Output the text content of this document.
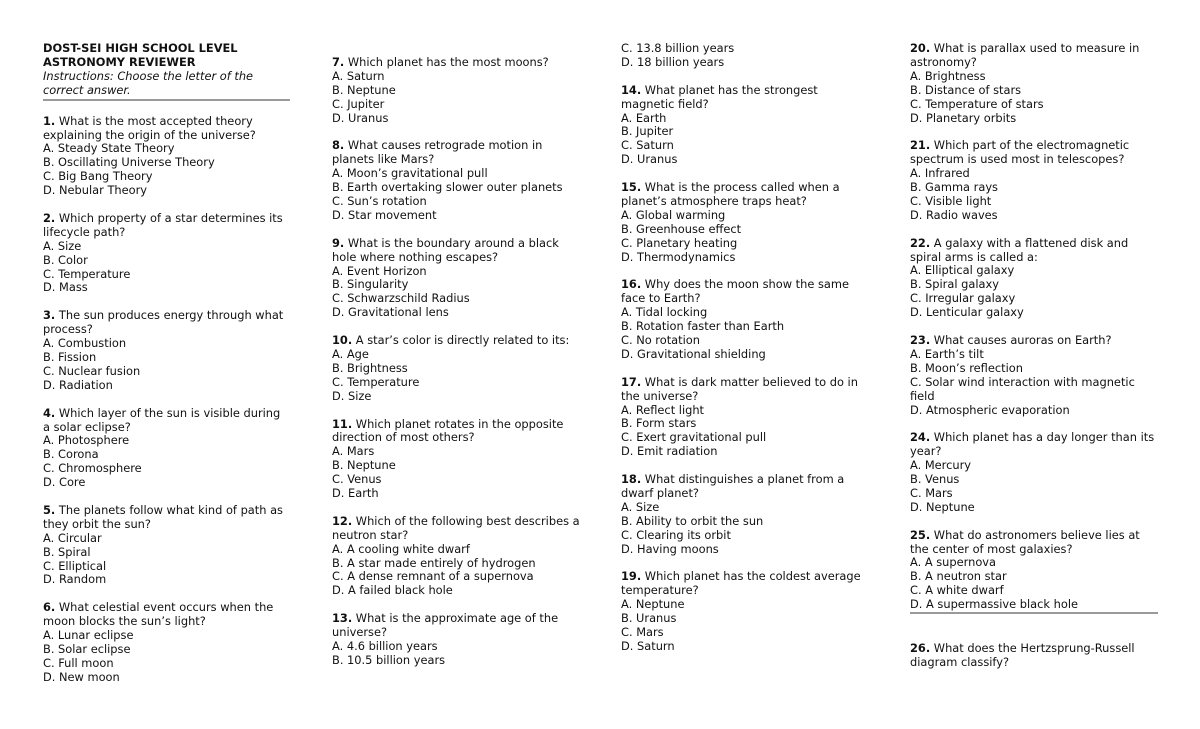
DOST-SEI HIGH SCHOOL LEVEL
ASTRONOMY REVIEWER
Instructions: Choose the letter of the correct answer.
1. What is the most accepted theory explaining the origin of the universe?
A. Steady State Theory
B. Oscillating Universe Theory
C. Big Bang Theory
D. Nebular Theory
2. Which property of a star determines its lifecycle path?
A. Size
B. Color
C. Temperature
D. Mass
3. The sun produces energy through what process?
A. Combustion
B. Fission
C. Nuclear fusion
D. Radiation
4. Which layer of the sun is visible during a solar eclipse?
A. Photosphere
B. Corona
C. Chromosphere
D. Core
5. The planets follow what kind of path as they orbit the sun?
A. Circular
B. Spiral
C. Elliptical
D. Random
6. What celestial event occurs when the moon blocks the sun’s light?
A. Lunar eclipse
B. Solar eclipse
C. Full moon
D. New moon
7. Which planet has the most moons?
A. Saturn
B. Neptune
C. Jupiter
D. Uranus
8. What causes retrograde motion in planets like Mars?
A. Moon’s gravitational pull
B. Earth overtaking slower outer planets
C. Sun’s rotation
D. Star movement
9. What is the boundary around a black hole where nothing escapes?
A. Event Horizon
B. Singularity
C. Schwarzschild Radius
D. Gravitational lens
10. A star’s color is directly related to its:
A. Age
B. Brightness
C. Temperature
D. Size
11. Which planet rotates in the opposite direction of most others?
A. Mars
B. Neptune
C. Venus
D. Earth
12. Which of the following best describes a neutron star?
A. A cooling white dwarf
B. A star made entirely of hydrogen
C. A dense remnant of a supernova
D. A failed black hole
13. What is the approximate age of the universe?
A. 4.6 billion years
B. 10.5 billion years
C. 13.8 billion years
D. 18 billion years
14. What planet has the strongest magnetic field?
A. Earth
B. Jupiter
C. Saturn
D. Uranus
15. What is the process called when a planet’s atmosphere traps heat?
A. Global warming
B. Greenhouse effect
C. Planetary heating
D. Thermodynamics
16. Why does the moon show the same face to Earth?
A. Tidal locking
B. Rotation faster than Earth
C. No rotation
D. Gravitational shielding
17. What is dark matter believed to do in the universe?
A. Reflect light
B. Form stars
C. Exert gravitational pull
D. Emit radiation
18. What distinguishes a planet from a dwarf planet?
A. Size
B. Ability to orbit the sun
C. Clearing its orbit
D. Having moons
19. Which planet has the coldest average temperature?
A. Neptune
B. Uranus
C. Mars
D. Saturn
20. What is parallax used to measure in astronomy?
A. Brightness
B. Distance of stars
C. Temperature of stars
D. Planetary orbits
21. Which part of the electromagnetic spectrum is used most in telescopes?
A. Infrared
B. Gamma rays
C. Visible light
D. Radio waves
22. A galaxy with a flattened disk and spiral arms is called a:
A. Elliptical galaxy
B. Spiral galaxy
C. Irregular galaxy
D. Lenticular galaxy
23. What causes auroras on Earth?
A. Earth’s tilt
B. Moon’s reflection
C. Solar wind interaction with magnetic field
D. Atmospheric evaporation
24. Which planet has a day longer than its year?
A. Mercury
B. Venus
C. Mars
D. Neptune
25. What do astronomers believe lies at the center of most galaxies?
A. A supernova
B. A neutron star
C. A white dwarf
D. A supermassive black hole
26. What does the Hertzsprung-Russell diagram classify?
